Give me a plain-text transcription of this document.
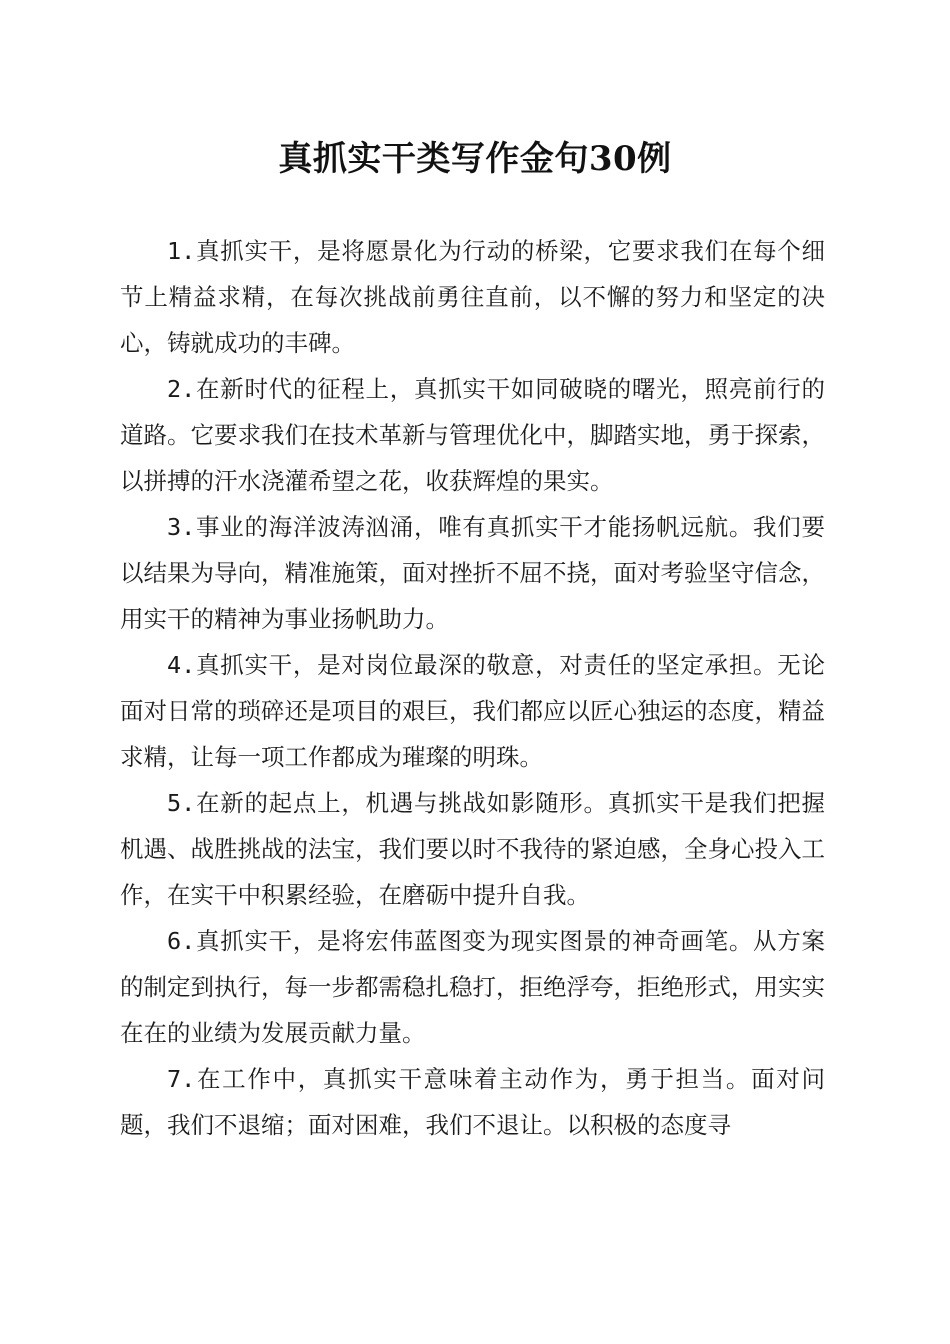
真抓实干类写作金句30例

1.真抓实干，是将愿景化为行动的桥梁，它要求我们在每个细节上精益求精，在每次挑战前勇往直前，以不懈的努力和坚定的决心，铸就成功的丰碑。

2.在新时代的征程上，真抓实干如同破晓的曙光，照亮前行的道路。它要求我们在技术革新与管理优化中，脚踏实地，勇于探索，以拼搏的汗水浇灌希望之花，收获辉煌的果实。

3.事业的海洋波涛汹涌，唯有真抓实干才能扬帆远航。我们要以结果为导向，精准施策，面对挫折不屈不挠，面对考验坚守信念，用实干的精神为事业扬帆助力。

4.真抓实干，是对岗位最深的敬意，对责任的坚定承担。无论面对日常的琐碎还是项目的艰巨，我们都应以匠心独运的态度，精益求精，让每一项工作都成为璀璨的明珠。

5.在新的起点上，机遇与挑战如影随形。真抓实干是我们把握机遇、战胜挑战的法宝，我们要以时不我待的紧迫感，全身心投入工作，在实干中积累经验，在磨砺中提升自我。

6.真抓实干，是将宏伟蓝图变为现实图景的神奇画笔。从方案的制定到执行，每一步都需稳扎稳打，拒绝浮夸，拒绝形式，用实实在在的业绩为发展贡献力量。

7.在工作中，真抓实干意味着主动作为，勇于担当。面对问题，我们不退缩；面对困难，我们不退让。以积极的态度寻
